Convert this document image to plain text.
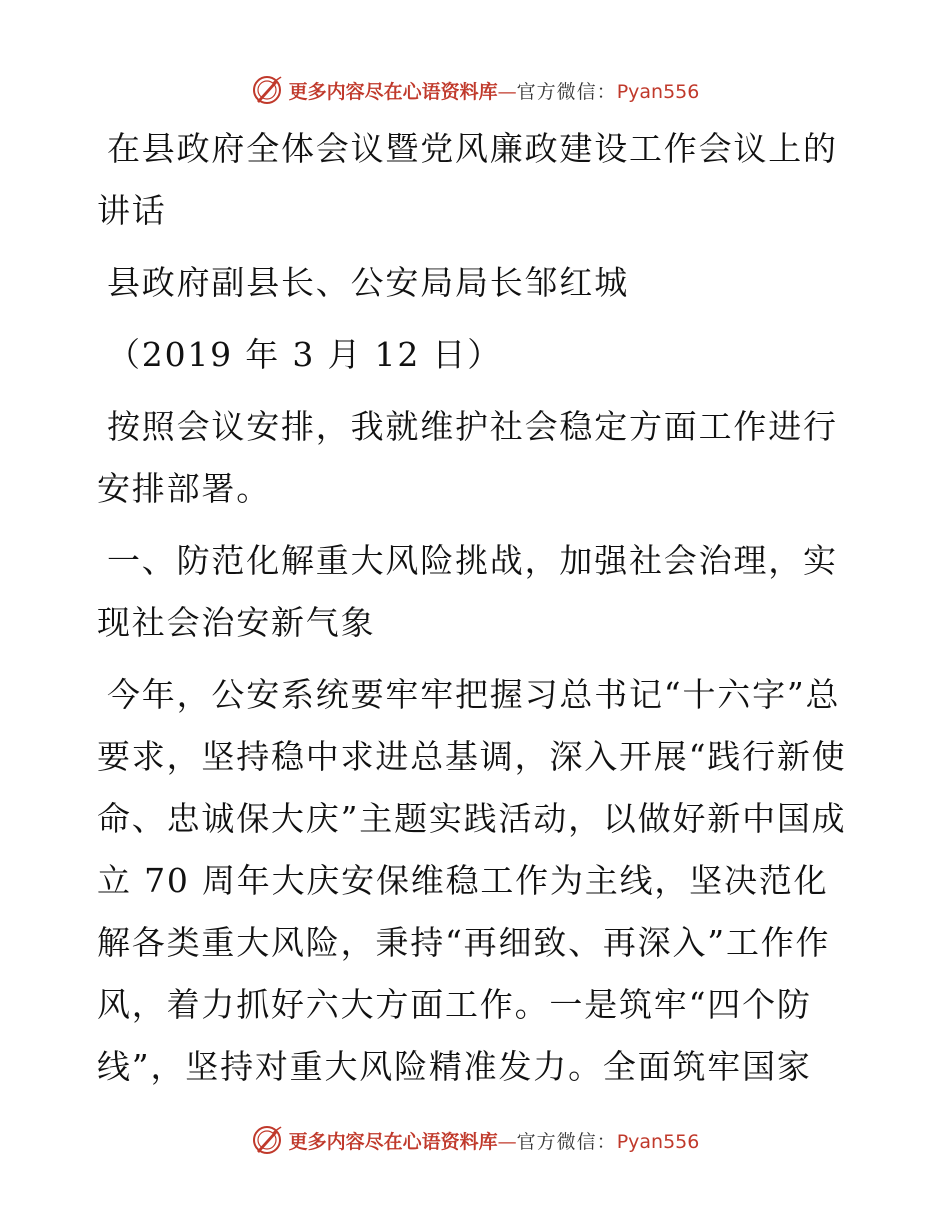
更多内容尽在心语资料库 — 官方微信： Pyan556

在县政府全体会议暨党风廉政建设工作会议上的讲话

县政府副县长、公安局局长邹红城

（2019 年 3 月 12 日）

按照会议安排，我就维护社会稳定方面工作进行安排部署。

一、防范化解重大风险挑战，加强社会治理，实现社会治安新气象

今年，公安系统要牢牢把握习总书记“十六字”总要求，坚持稳中求进总基调，深入开展“践行新使命、忠诚保大庆”主题实践活动，以做好新中国成立 70 周年大庆安保维稳工作为主线，坚决范化解各类重大风险，秉持“再细致、再深入”工作作风，着力抓好六大方面工作。一是筑牢“四个防线”，坚持对重大风险精准发力。全面筑牢国家

更多内容尽在心语资料库 — 官方微信： Pyan556
